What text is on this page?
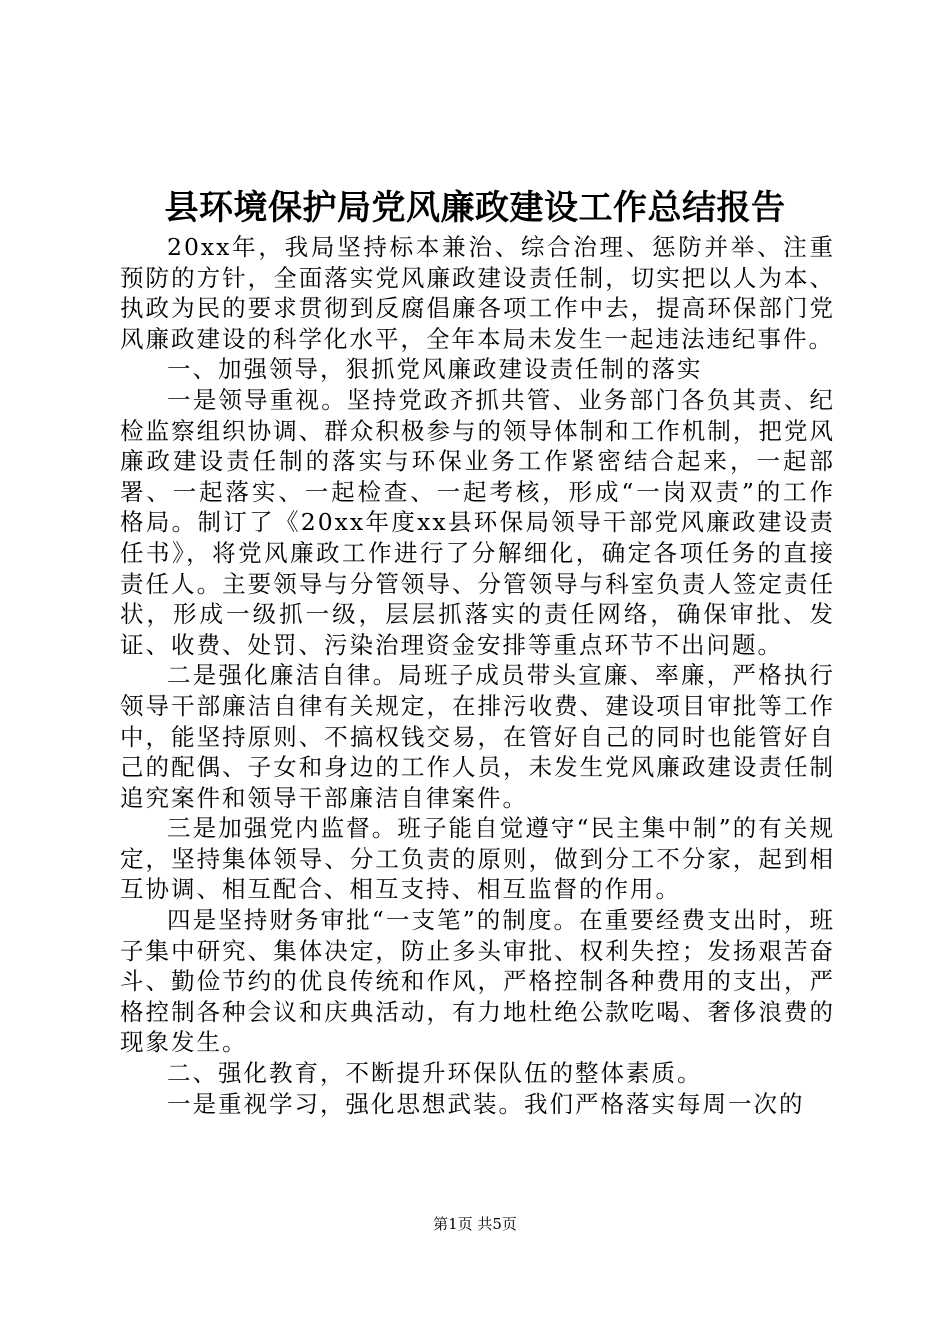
县环境保护局党风廉政建设工作总结报告

20xx年，我局坚持标本兼治、综合治理、惩防并举、注重预防的方针，全面落实党风廉政建设责任制，切实把以人为本、执政为民的要求贯彻到反腐倡廉各项工作中去，提高环保部门党风廉政建设的科学化水平，全年本局未发生一起违法违纪事件。

一、加强领导，狠抓党风廉政建设责任制的落实

一是领导重视。坚持党政齐抓共管、业务部门各负其责、纪检监察组织协调、群众积极参与的领导体制和工作机制，把党风廉政建设责任制的落实与环保业务工作紧密结合起来，一起部署、一起落实、一起检查、一起考核，形成“一岗双责”的工作格局。制订了《20xx年度xx县环保局领导干部党风廉政建设责任书》，将党风廉政工作进行了分解细化，确定各项任务的直接责任人。主要领导与分管领导、分管领导与科室负责人签定责任状，形成一级抓一级，层层抓落实的责任网络，确保审批、发证、收费、处罚、污染治理资金安排等重点环节不出问题。

二是强化廉洁自律。局班子成员带头宣廉、率廉，严格执行领导干部廉洁自律有关规定，在排污收费、建设项目审批等工作中，能坚持原则、不搞权钱交易，在管好自己的同时也能管好自己的配偶、子女和身边的工作人员，未发生党风廉政建设责任制追究案件和领导干部廉洁自律案件。

三是加强党内监督。班子能自觉遵守“民主集中制”的有关规定，坚持集体领导、分工负责的原则，做到分工不分家，起到相互协调、相互配合、相互支持、相互监督的作用。

四是坚持财务审批“一支笔”的制度。在重要经费支出时，班子集中研究、集体决定，防止多头审批、权利失控；发扬艰苦奋斗、勤俭节约的优良传统和作风，严格控制各种费用的支出，严格控制各种会议和庆典活动，有力地杜绝公款吃喝、奢侈浪费的现象发生。

二、强化教育，不断提升环保队伍的整体素质。

一是重视学习，强化思想武装。我们严格落实每周一次的

第1页 共5页
